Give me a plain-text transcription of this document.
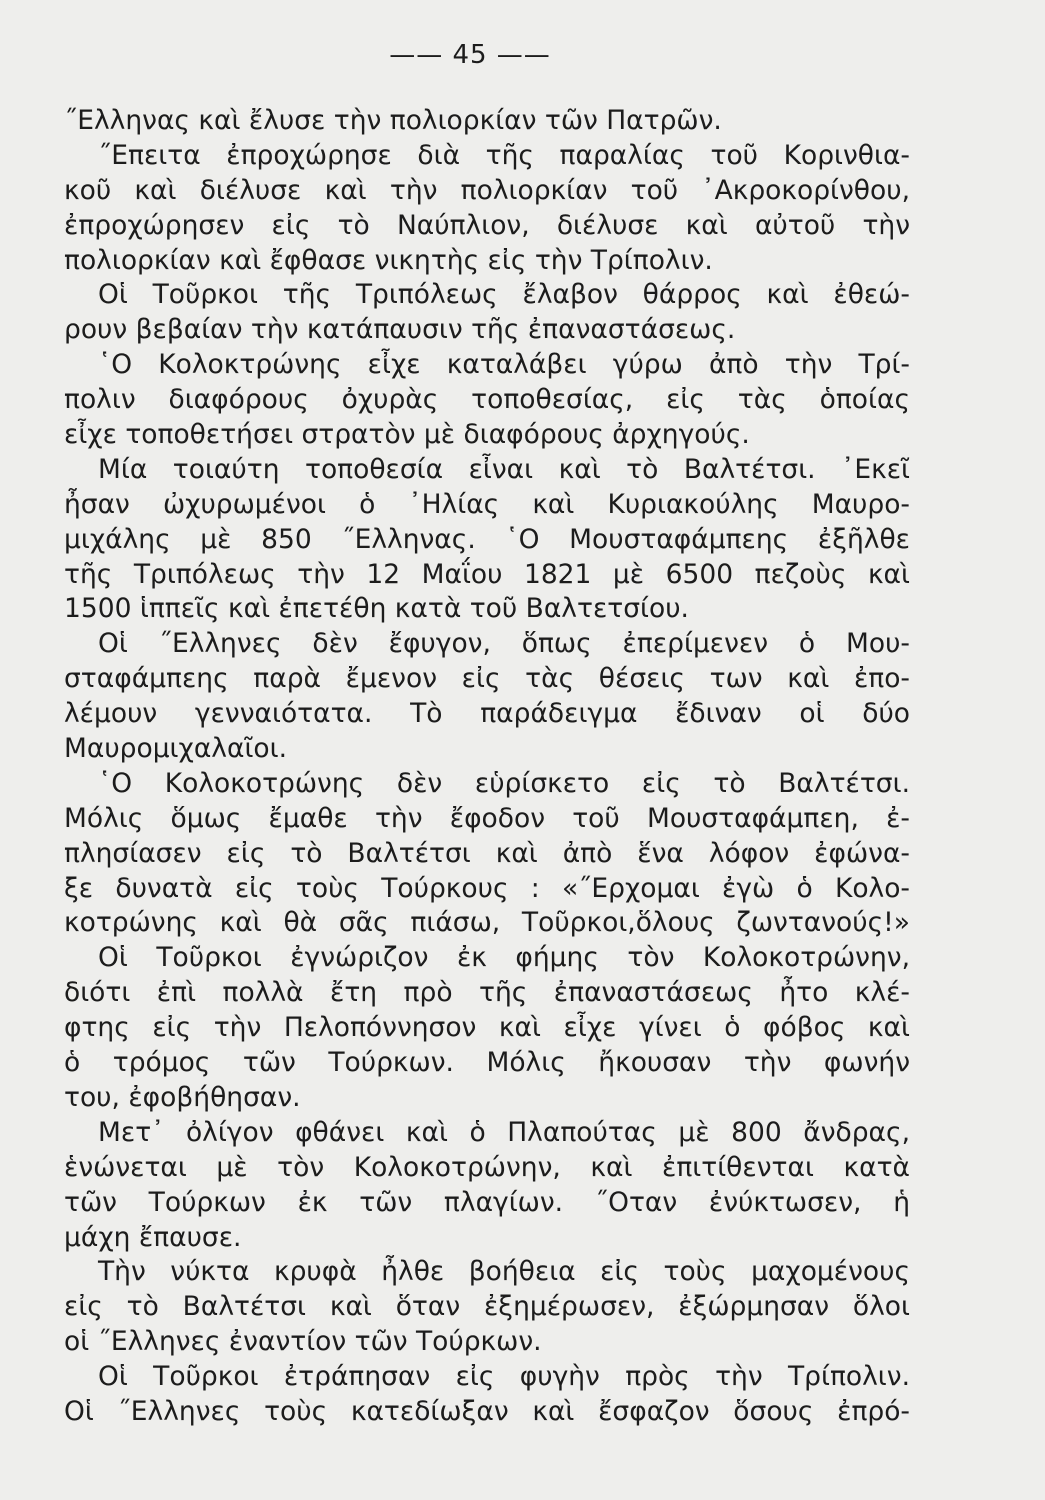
—— 45 ——
˝Ελληνας καὶ ἔλυσε τὴν πολιορκίαν τῶν Πατρῶν.
˝Επειτα ἐπροχώρησε διὰ τῆς παραλίας τοῦ Κορινθια-
κοῦ καὶ διέλυσε καὶ τὴν πολιορκίαν τοῦ ᾿Ακροκορίνθου,
ἐπροχώρησεν εἰς τὸ Ναύπλιον, διέλυσε καὶ αὐτοῦ τὴν
πολιορκίαν καὶ ἔφθασε νικητὴς εἰς τὴν Τρίπολιν.
Οἱ Τοῦρκοι τῆς Τριπόλεως ἔλαβον θάρρος καὶ ἐθεώ-
ρουν βεβαίαν τὴν κατάπαυσιν τῆς ἐπαναστάσεως.
῾Ο Κολοκτρώνης εἶχε καταλάβει γύρω ἀπὸ τὴν Τρί-
πολιν διαφόρους ὀχυρὰς τοποθεσίας, εἰς τὰς ὁποίας
εἶχε τοποθετήσει στρατὸν μὲ διαφόρους ἀρχηγούς.
Μία τοιαύτη τοποθεσία εἶναι καὶ τὸ Βαλτέτσι. ᾿Εκεῖ
ἦσαν ὠχυρωμένοι ὁ ᾿Ηλίας καὶ Κυριακούλης Μαυρο-
μιχάλης μὲ 850 ˝Ελληνας. ῾Ο Μουσταφάμπεης ἐξῆλθε
τῆς Τριπόλεως τὴν 12 Μαΐου 1821 μὲ 6500 πεζοὺς καὶ
1500 ἱππεῖς καὶ ἐπετέθη κατὰ τοῦ Βαλτετσίου.
Οἱ ˝Ελληνες δὲν ἔφυγον, ὅπως ἐπερίμενεν ὁ Μου-
σταφάμπεης παρὰ ἔμενον εἰς τὰς θέσεις των καὶ ἐπο-
λέμουν γενναιότατα. Τὸ παράδειγμα ἔδιναν οἱ δύο
Μαυρομιχαλαῖοι.
῾Ο Κολοκοτρώνης δὲν εὑρίσκετο εἰς τὸ Βαλτέτσι.
Μόλις ὅμως ἔμαθε τὴν ἔφοδον τοῦ Μουσταφάμπεη, ἐ-
πλησίασεν εἰς τὸ Βαλτέτσι καὶ ἀπὸ ἕνα λόφον ἐφώνα-
ξε δυνατὰ εἰς τοὺς Τούρκους : «˝Ερχομαι ἐγὼ ὁ Κολο-
κοτρώνης καὶ θὰ σᾶς πιάσω, Τοῦρκοι,ὅλους ζωντανούς!»
Οἱ Τοῦρκοι ἐγνώριζον ἐκ φήμης τὸν Κολοκοτρώνην,
διότι ἐπὶ πολλὰ ἔτη πρὸ τῆς ἐπαναστάσεως ἦτο κλέ-
φτης εἰς τὴν Πελοπόννησον καὶ εἶχε γίνει ὁ φόβος καὶ
ὁ τρόμος τῶν Τούρκων. Μόλις ἤκουσαν τὴν φωνήν
του, ἐφοβήθησαν.
Μετ᾿ ὀλίγον φθάνει καὶ ὁ Πλαπούτας μὲ 800 ἄνδρας,
ἑνώνεται μὲ τὸν Κολοκοτρώνην, καὶ ἐπιτίθενται κατὰ
τῶν Τούρκων ἐκ τῶν πλαγίων. ˝Οταν ἐνύκτωσεν, ἡ
μάχη ἔπαυσε.
Τὴν νύκτα κρυφὰ ἦλθε βοήθεια εἰς τοὺς μαχομένους
εἰς τὸ Βαλτέτσι καὶ ὅταν ἐξημέρωσεν, ἐξώρμησαν ὅλοι
οἱ ˝Ελληνες ἐναντίον τῶν Τούρκων.
Οἱ Τοῦρκοι ἐτράπησαν εἰς φυγὴν πρὸς τὴν Τρίπολιν.
Οἱ ˝Ελληνες τοὺς κατεδίωξαν καὶ ἔσφαζον ὅσους ἐπρό-
